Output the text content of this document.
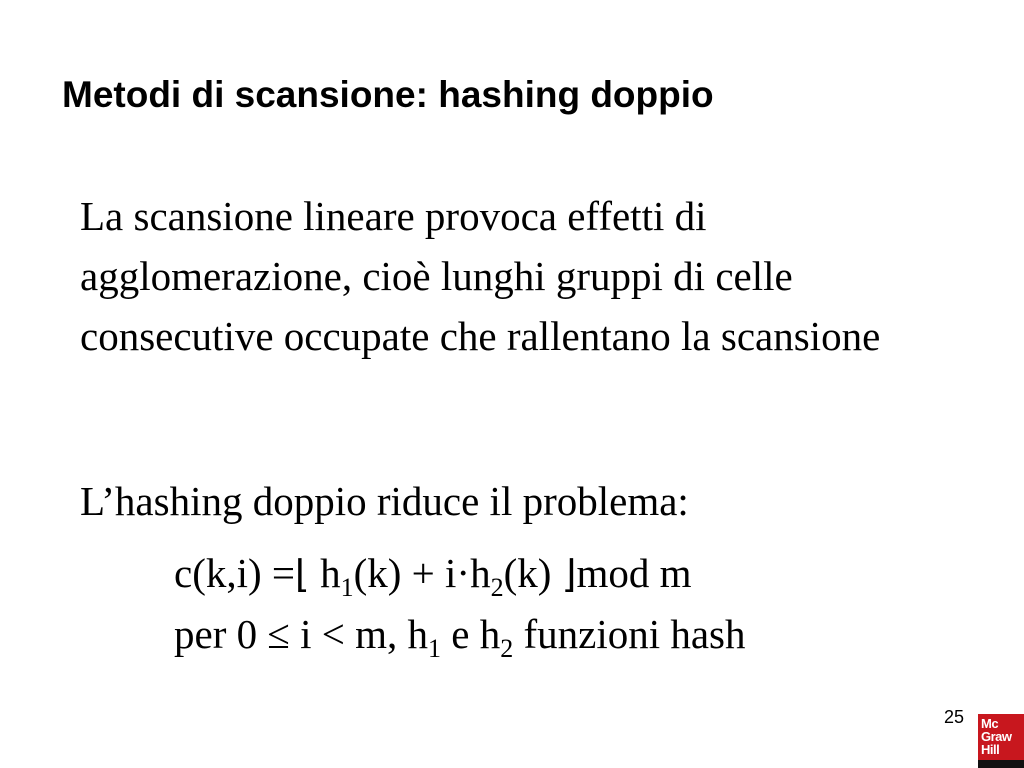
Metodi di scansione: hashing doppio
La scansione lineare provoca effetti di agglomerazione, cioè lunghi gruppi di celle consecutive occupate che rallentano la scansione
L’hashing doppio riduce il problema:
c(k,i) =⌊ $h_1(k) + i\cdot h_2(k)$ ⌋mod m
per 0 ≤ i < m, $h_1$ e $h_2$ funzioni hash
25 Mc
Graw
Hill
